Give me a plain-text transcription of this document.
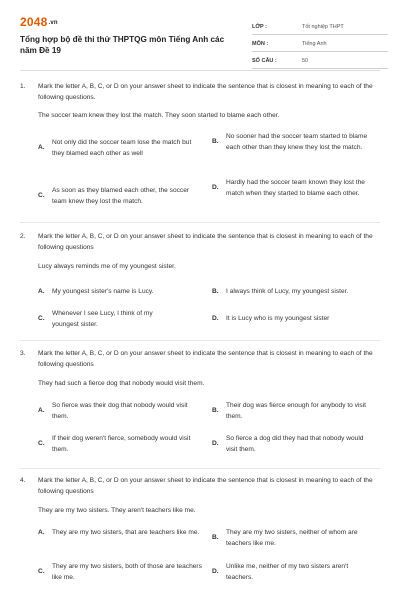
2048.vn
Tổng hợp bộ đề thi thử THPTQG môn Tiếng Anh các năm Đề 19
LỚP :	Tốt nghiệp THPT
MÔN :	Tiếng Anh
SỐ CÂU :	50
1. Mark the letter A, B, C, or D on your answer sheet to indicate the sentence that is closest in meaning to each of the following questions.
The soccer team knew they lost the match. They soon started to blame each other.
A.
Not only did the soccer team lose the match but they blamed each other as well
B.
No sooner had the soccer team started to blame each other than they knew they lost the match.
C.
As soon as they blamed each other, the soccer team knew they lost the match.
D.
Hardly had the soccer team known they lost the match when they started to blame each other.
2. Mark the letter A, B, C, or D on your answer sheet to indicate the sentence that is closest in meaning to each of the following questions
Lucy always reminds me of my youngest sister.
A.	My youngest sister's name is Lucy.	B.	I always think of Lucy, my youngest sister.
C.
Whenever I see Lucy, I think of my youngest sister.
D.	It is Lucy who is my youngest sister
3. Mark the letter A, B, C, or D on your answer sheet to indicate the sentence that is closest in meaning to each of the following questions
They had such a fierce dog that nobody would visit them.
A.
So fierce was their dog that nobody would visit them.
B.
Their dog was fierce enough for anybody to visit them.
C.
If their dog weren't fierce, somebody would visit them.
D.
So fierce a dog did they had that nobody would visit them.
4. Mark the letter A, B, C, or D on your answer sheet to indicate the sentence that is closest in meaning to each of the following questions
They are my two sisters. They aren't teachers like me.
A.	They are my two sisters, that are teachers like me.
B.
They are my two sisters, neither of whom are teachers like me.
C.
They are my two sisters, both of those are teachers like me.
D.
Unlike me, neither of my two sisters aren't teachers.
